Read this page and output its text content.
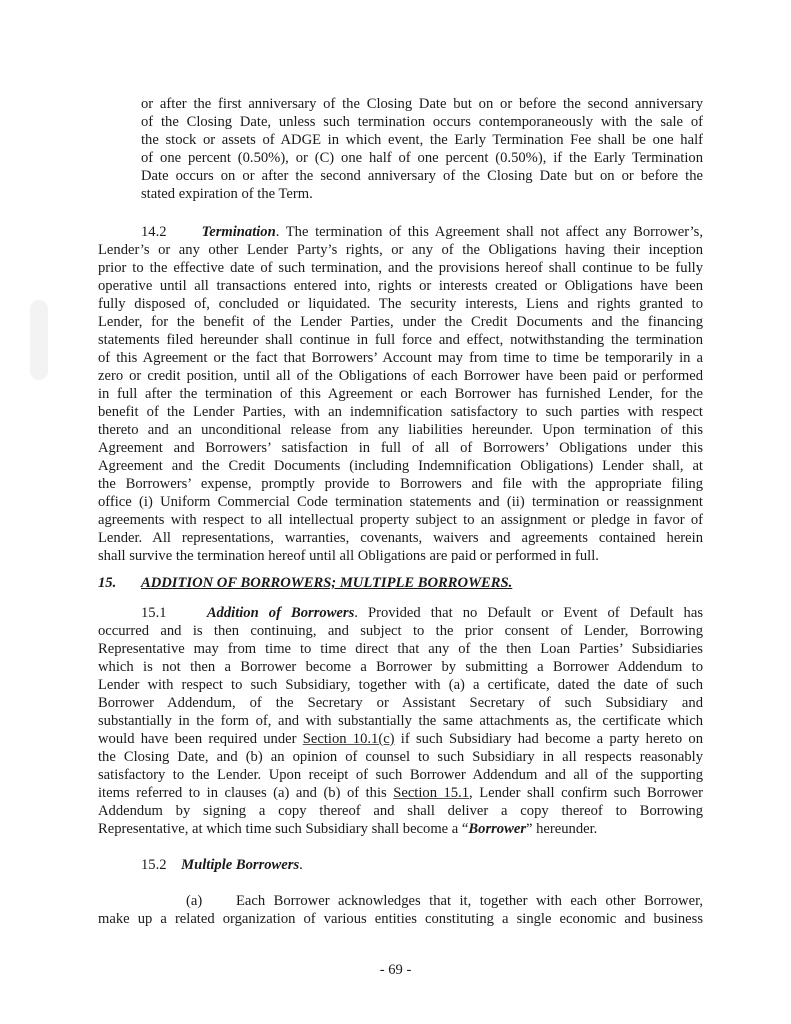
or after the first anniversary of the Closing Date but on or before the second anniversary
of the Closing Date, unless such termination occurs contemporaneously with the sale of
the stock or assets of ADGE in which event, the Early Termination Fee shall be one half
of one percent (0.50%), or (C) one half of one percent (0.50%), if the Early Termination
Date occurs on or after the second anniversary of the Closing Date but on or before the
stated expiration of the Term.
14.2 Termination. The termination of this Agreement shall not affect any Borrower’s,
Lender’s or any other Lender Party’s rights, or any of the Obligations having their inception
prior to the effective date of such termination, and the provisions hereof shall continue to be fully
operative until all transactions entered into, rights or interests created or Obligations have been
fully disposed of, concluded or liquidated. The security interests, Liens and rights granted to
Lender, for the benefit of the Lender Parties, under the Credit Documents and the financing
statements filed hereunder shall continue in full force and effect, notwithstanding the termination
of this Agreement or the fact that Borrowers’ Account may from time to time be temporarily in a
zero or credit position, until all of the Obligations of each Borrower have been paid or performed
in full after the termination of this Agreement or each Borrower has furnished Lender, for the
benefit of the Lender Parties, with an indemnification satisfactory to such parties with respect
thereto and an unconditional release from any liabilities hereunder. Upon termination of this
Agreement and Borrowers’ satisfaction in full of all of Borrowers’ Obligations under this
Agreement and the Credit Documents (including Indemnification Obligations) Lender shall, at
the Borrowers’ expense, promptly provide to Borrowers and file with the appropriate filing
office (i) Uniform Commercial Code termination statements and (ii) termination or reassignment
agreements with respect to all intellectual property subject to an assignment or pledge in favor of
Lender. All representations, warranties, covenants, waivers and agreements contained herein
shall survive the termination hereof until all Obligations are paid or performed in full.
15. ADDITION OF BORROWERS; MULTIPLE BORROWERS.
15.1	Addition of Borrowers. Provided that no Default or Event of Default has
occurred and is then continuing, and subject to the prior consent of Lender, Borrowing
Representative may from time to time direct that any of the then Loan Parties’ Subsidiaries
which is not then a Borrower become a Borrower by submitting a Borrower Addendum to
Lender with respect to such Subsidiary, together with (a) a certificate, dated the date of such
Borrower Addendum, of the Secretary or Assistant Secretary of such Subsidiary and
substantially in the form of, and with substantially the same attachments as, the certificate which
would have been required under Section 10.1(c) if such Subsidiary had become a party hereto on
the Closing Date, and (b) an opinion of counsel to such Subsidiary in all respects reasonably
satisfactory to the Lender. Upon receipt of such Borrower Addendum and all of the supporting
items referred to in clauses (a) and (b) of this Section 15.1, Lender shall confirm such Borrower
Addendum by signing a copy thereof and shall deliver a copy thereof to Borrowing
Representative, at which time such Subsidiary shall become a “Borrower” hereunder.
15.2 Multiple Borrowers.
(a) Each Borrower acknowledges that it, together with each other Borrower,
make up a related organization of various entities constituting a single economic and business
- 69 -
